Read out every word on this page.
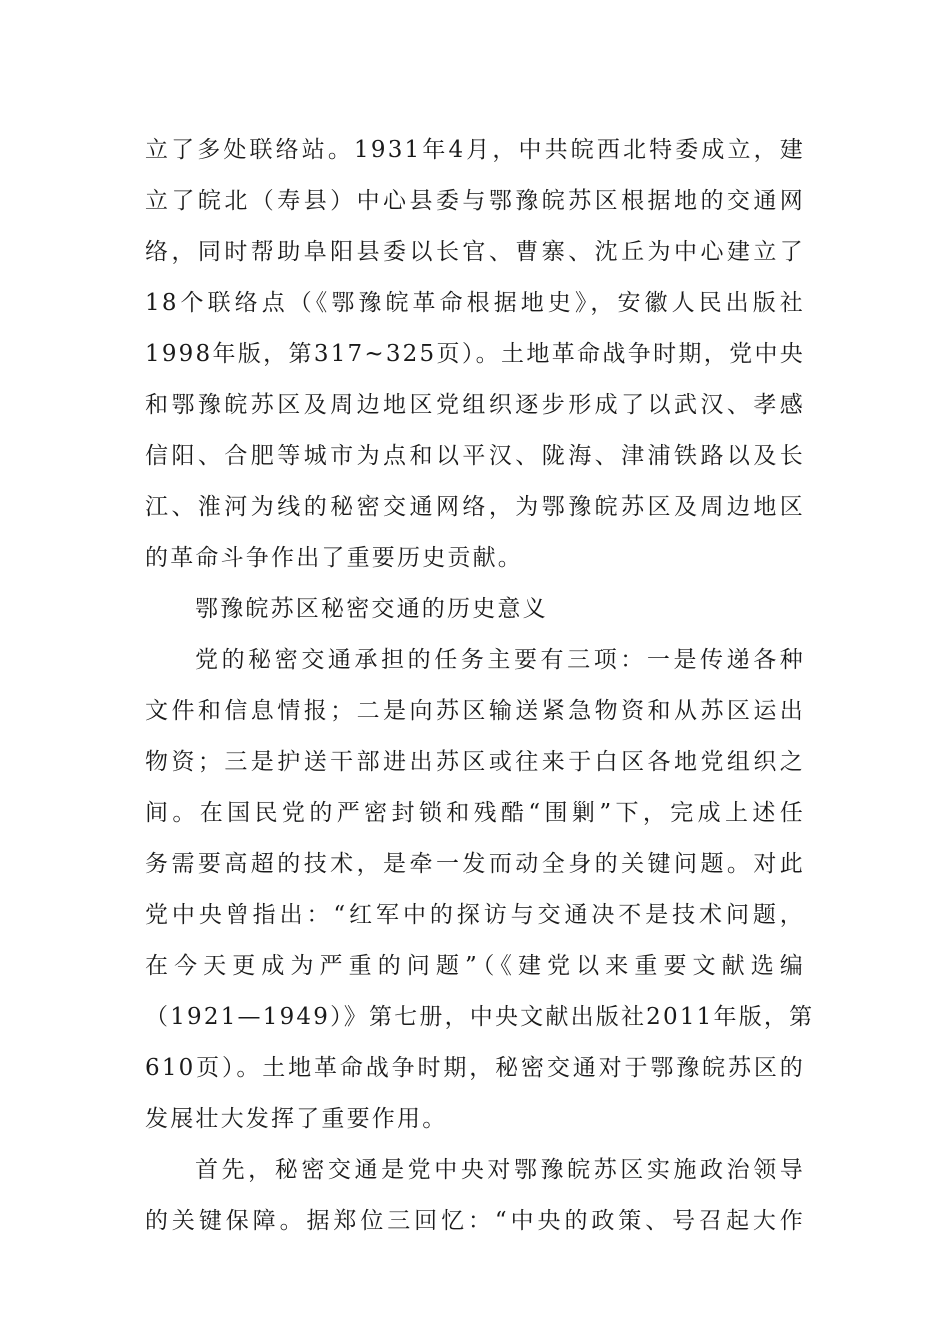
立了多处联络站。1931年4月，中共皖西北特委成立，建
立了皖北（寿县）中心县委与鄂豫皖苏区根据地的交通网
络，同时帮助阜阳县委以长官、曹寨、沈丘为中心建立了
18个联络点（《鄂豫皖革命根据地史》，安徽人民出版社
1998年版，第317~325页）。土地革命战争时期，党中央
和鄂豫皖苏区及周边地区党组织逐步形成了以武汉、孝感
信阳、合肥等城市为点和以平汉、陇海、津浦铁路以及长
江、淮河为线的秘密交通网络，为鄂豫皖苏区及周边地区
的革命斗争作出了重要历史贡献。
鄂豫皖苏区秘密交通的历史意义
党的秘密交通承担的任务主要有三项：一是传递各种
文件和信息情报；二是向苏区输送紧急物资和从苏区运出
物资；三是护送干部进出苏区或往来于白区各地党组织之
间。在国民党的严密封锁和残酷“围剿”下，完成上述任
务需要高超的技术，是牵一发而动全身的关键问题。对此
党中央曾指出：“红军中的探访与交通决不是技术问题，
在今天更成为严重的问题”（《建党以来重要文献选编
（1921—1949）》第七册，中央文献出版社2011年版，第
610页）。土地革命战争时期，秘密交通对于鄂豫皖苏区的
发展壮大发挥了重要作用。
首先，秘密交通是党中央对鄂豫皖苏区实施政治领导
的关键保障。据郑位三回忆：“中央的政策、号召起大作
